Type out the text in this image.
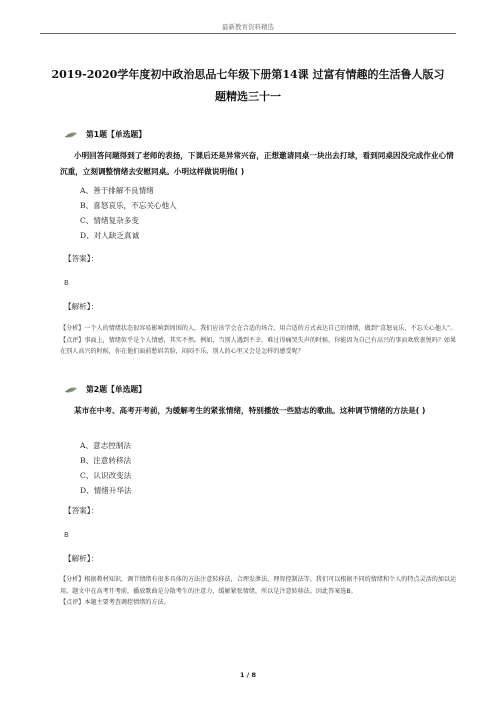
最新教育资料精选
2019-2020学年度初中政治思品七年级下册第14课 过富有情趣的生活鲁人版习
题精选三十一
第1题【单选题】
小明回答问题得到了老师的表扬，下课后还是异常兴奋，正想邀请同桌一块出去打球，看到同桌因没完成作业心情沉重，立刻调整情绪去安慰同桌。小明这样做说明他( )
A、善于排解不良情绪
B、喜怒哀乐，不忘关心他人
C、情绪复杂多变
D、对人缺乏真诚
【答案】：
B
【解析】：
【分析】一个人的情绪状态很容易影响到周围的人，我们应该学会在合适的场合、用合适的方式表达自己的情绪，做到“喜怒哀乐，不忘关心他人”。
【点评】事面上，情绪似乎是个人情感，其实不然。例如，当别人遇到不幸，难过得痛哭失声的时候，你能因为自己有高兴的事而欢欣雀悦吗？如果在别人高兴的时候，你在他们面前愁眉苦脸，闷闷不乐，别人的心里又会是怎样的感受呢？
第2题【单选题】
某市在中考、高考开考前，为缓解考生的紧张情绪，特别播放一些励志的歌曲。这种调节情绪的方法是( )
A、意志控制法
B、注意转移法
C、认识改变法
D、情绪升华法
【答案】：
B
【解析】：
【分析】根据教材知识，调节情绪有很多具体的方法注意转移法，合理发泄法，理智控制法等，我们可以根据不同的情绪和个人的特点灵活的加以运用。题文中在高考开考前，播放歌曲是分散考生的注意力，缓解紧张情绪，所以是注意转移法。因此答案选B。
【点评】本题主要考查调控情绪的方法。
1 / 8
